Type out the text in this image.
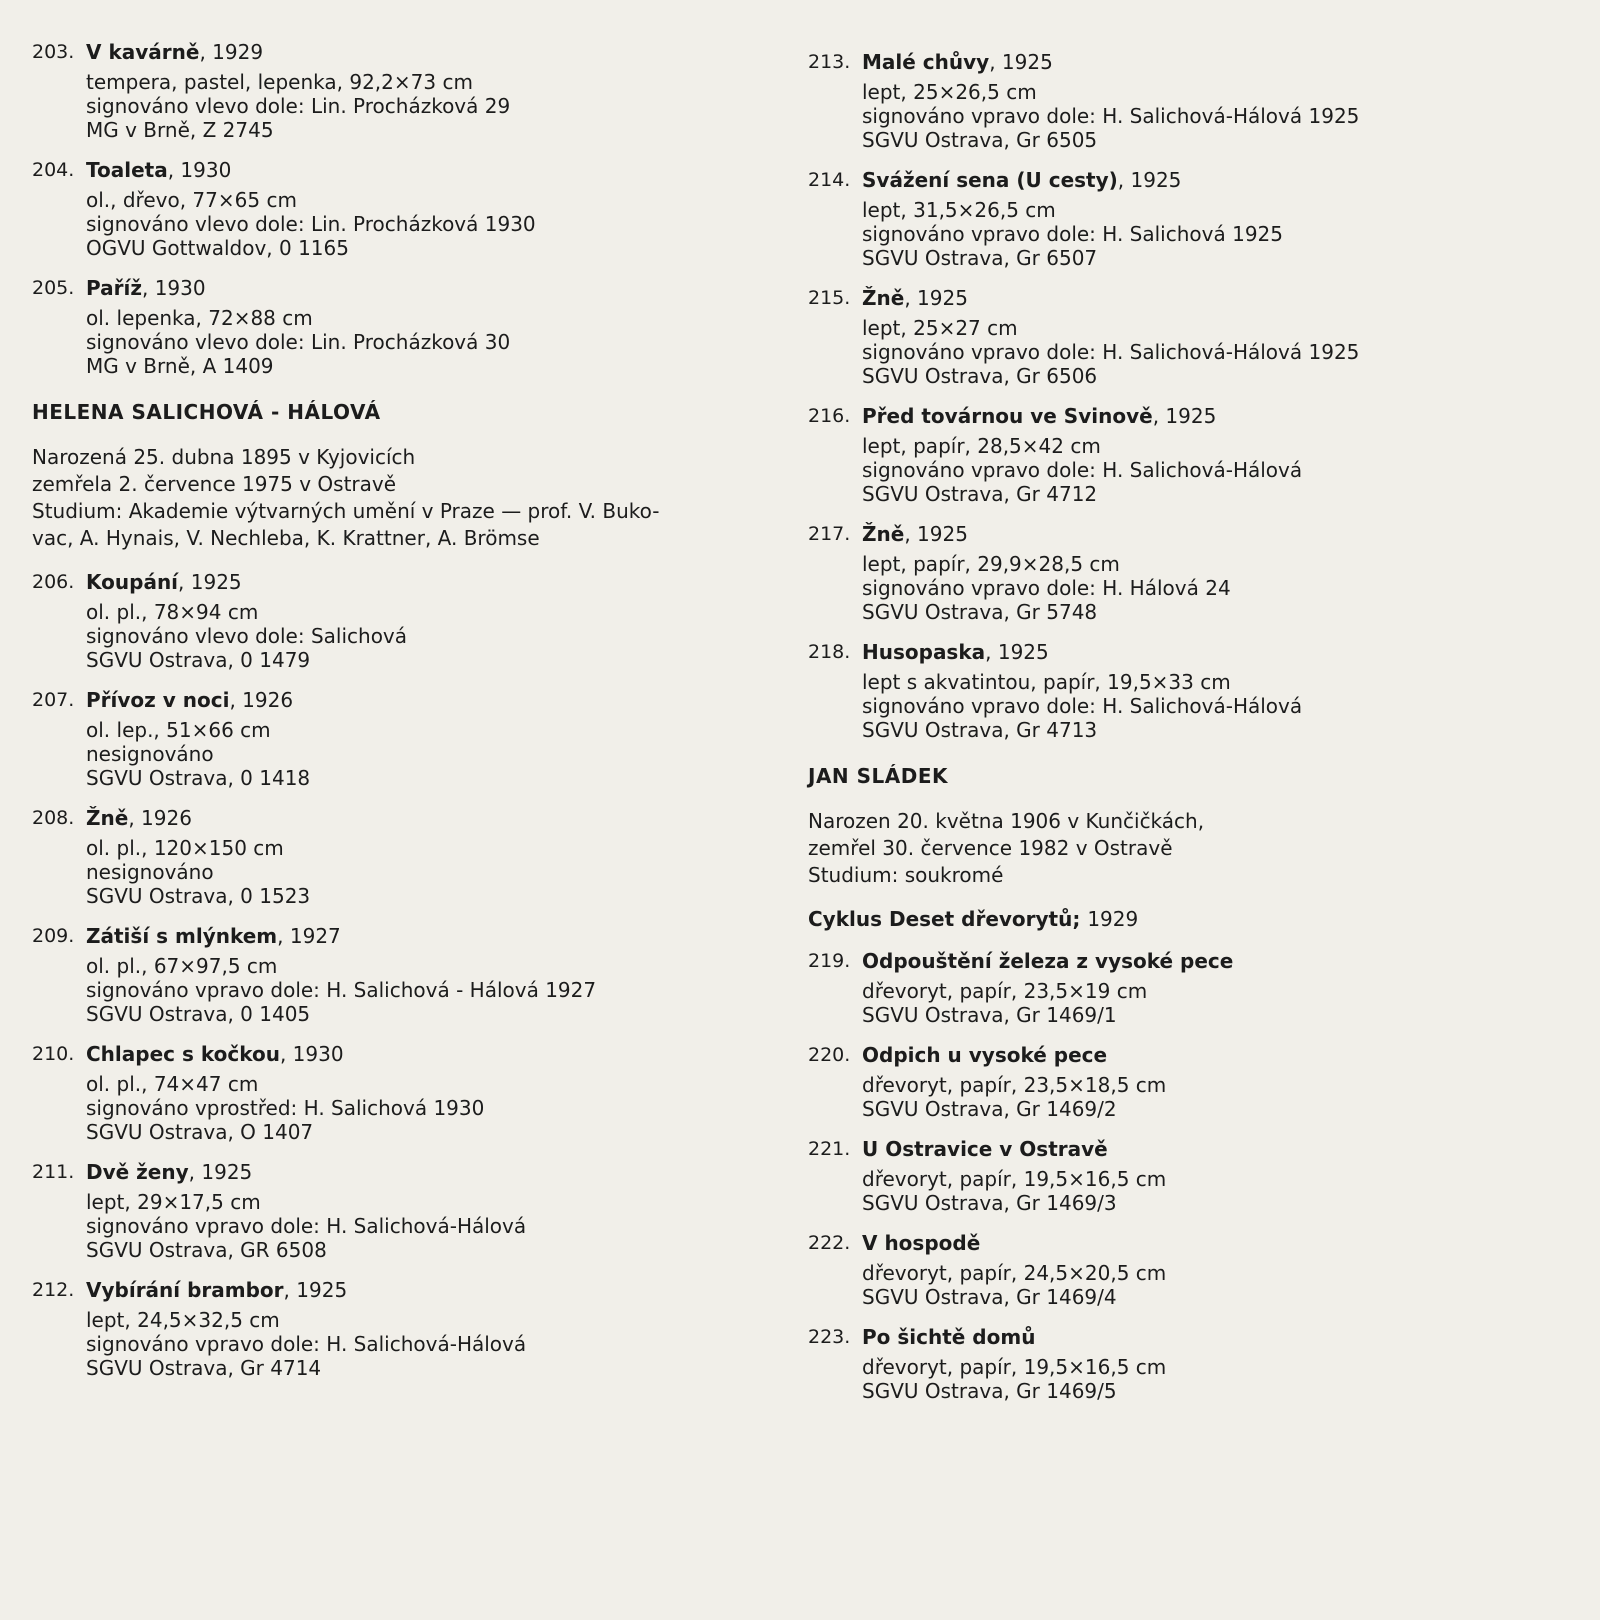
203. V kavárně, 1929
tempera, pastel, lepenka, 92,2×73 cm
signováno vlevo dole: Lin. Procházková 29
MG v Brně, Z 2745
204. Toaleta, 1930
ol., dřevo, 77×65 cm
signováno vlevo dole: Lin. Procházková 1930
OGVU Gottwaldov, 0 1165
205. Paříž, 1930
ol. lepenka, 72×88 cm
signováno vlevo dole: Lin. Procházková 30
MG v Brně, A 1409
HELENA SALICHOVÁ - HÁLOVÁ
Narozená 25. dubna 1895 v Kyjovicích
zemřela 2. července 1975 v Ostravě
Studium: Akademie výtvarných umění v Praze — prof. V. Buko-
vac, A. Hynais, V. Nechleba, K. Krattner, A. Brömse
206. Koupání, 1925
ol. pl., 78×94 cm
signováno vlevo dole: Salichová
SGVU Ostrava, 0 1479
207. Přívoz v noci, 1926
ol. lep., 51×66 cm
nesignováno
SGVU Ostrava, 0 1418
208. Žně, 1926
ol. pl., 120×150 cm
nesignováno
SGVU Ostrava, 0 1523
209. Zátiší s mlýnkem, 1927
ol. pl., 67×97,5 cm
signováno vpravo dole: H. Salichová - Hálová 1927
SGVU Ostrava, 0 1405
210. Chlapec s kočkou, 1930
ol. pl., 74×47 cm
signováno vprostřed: H. Salichová 1930
SGVU Ostrava, O 1407
211. Dvě ženy, 1925
lept, 29×17,5 cm
signováno vpravo dole: H. Salichová-Hálová
SGVU Ostrava, GR 6508
212. Vybírání brambor, 1925
lept, 24,5×32,5 cm
signováno vpravo dole: H. Salichová-Hálová
SGVU Ostrava, Gr 4714
213. Malé chůvy, 1925
lept, 25×26,5 cm
signováno vpravo dole: H. Salichová-Hálová 1925
SGVU Ostrava, Gr 6505
214. Svážení sena (U cesty), 1925
lept, 31,5×26,5 cm
signováno vpravo dole: H. Salichová 1925
SGVU Ostrava, Gr 6507
215. Žně, 1925
lept, 25×27 cm
signováno vpravo dole: H. Salichová-Hálová 1925
SGVU Ostrava, Gr 6506
216. Před továrnou ve Svinově, 1925
lept, papír, 28,5×42 cm
signováno vpravo dole: H. Salichová-Hálová
SGVU Ostrava, Gr 4712
217. Žně, 1925
lept, papír, 29,9×28,5 cm
signováno vpravo dole: H. Hálová 24
SGVU Ostrava, Gr 5748
218. Husopaska, 1925
lept s akvatintou, papír, 19,5×33 cm
signováno vpravo dole: H. Salichová-Hálová
SGVU Ostrava, Gr 4713
JAN SLÁDEK
Narozen 20. května 1906 v Kunčičkách,
zemřel 30. července 1982 v Ostravě
Studium: soukromé
Cyklus Deset dřevorytů; 1929
219. Odpouštění železa z vysoké pece
dřevoryt, papír, 23,5×19 cm
SGVU Ostrava, Gr 1469/1
220. Odpich u vysoké pece
dřevoryt, papír, 23,5×18,5 cm
SGVU Ostrava, Gr 1469/2
221. U Ostravice v Ostravě
dřevoryt, papír, 19,5×16,5 cm
SGVU Ostrava, Gr 1469/3
222. V hospodě
dřevoryt, papír, 24,5×20,5 cm
SGVU Ostrava, Gr 1469/4
223. Po šichtě domů
dřevoryt, papír, 19,5×16,5 cm
SGVU Ostrava, Gr 1469/5
